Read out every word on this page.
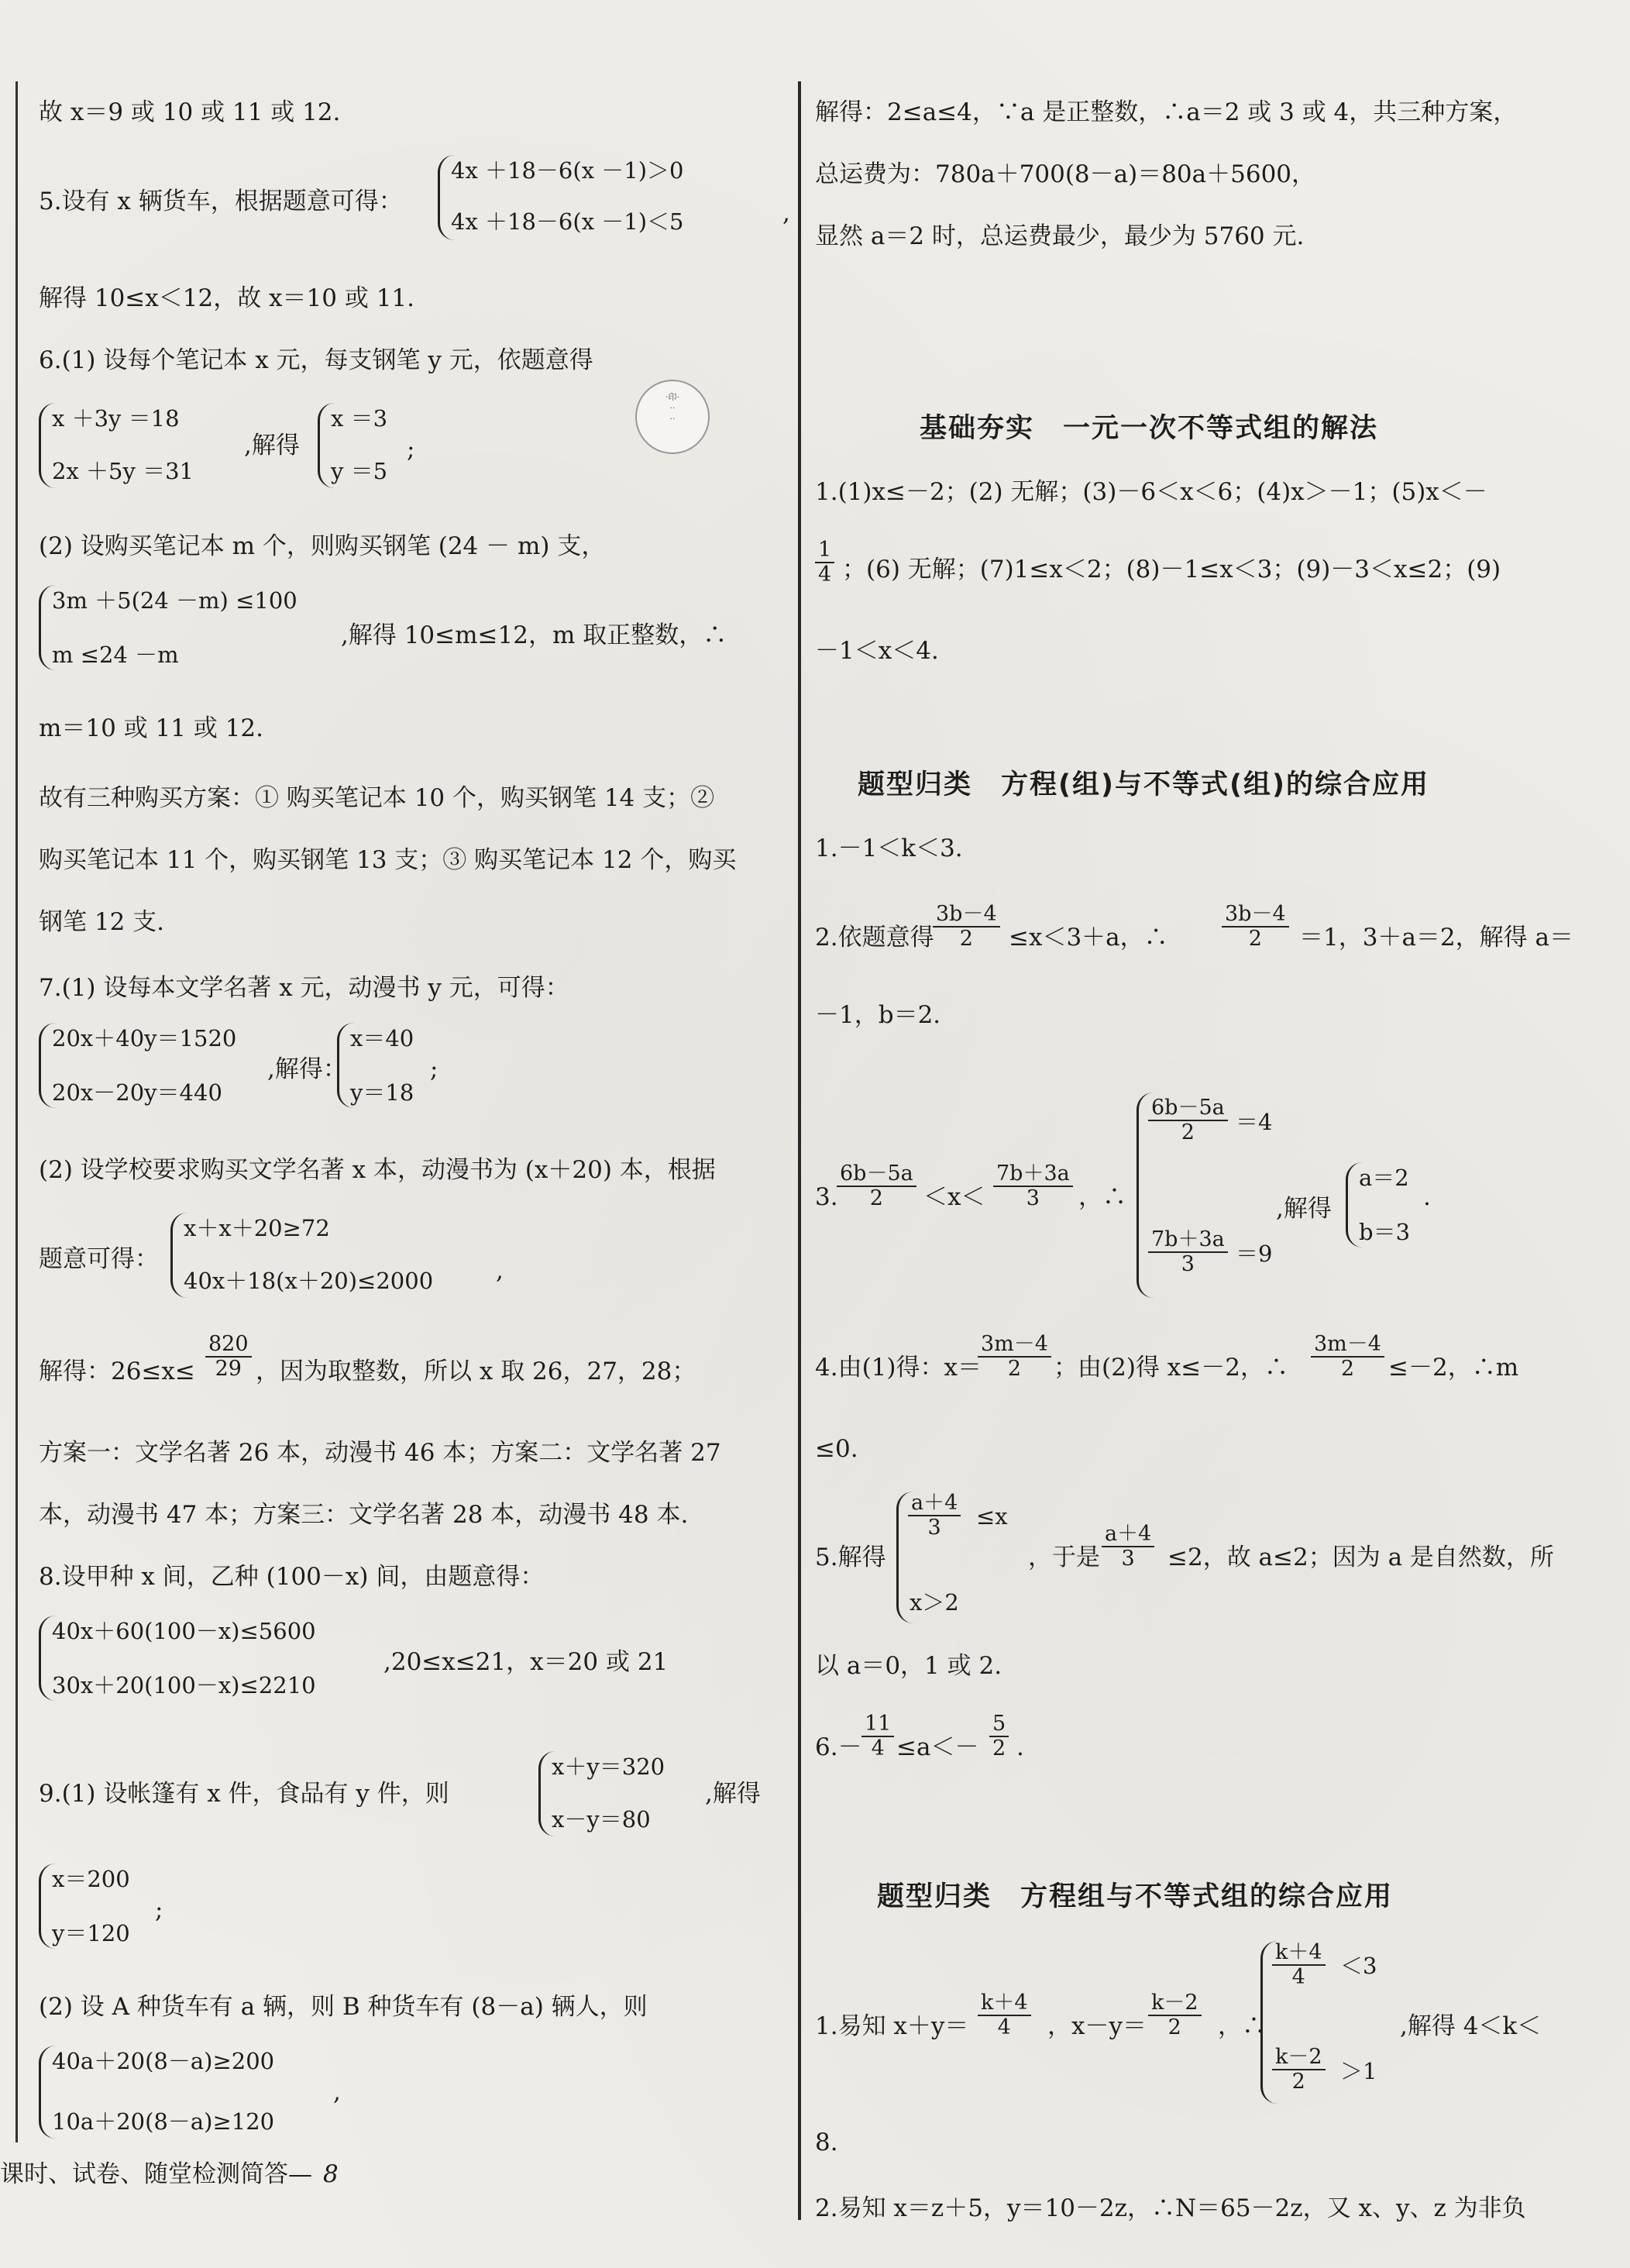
故 x＝9 或 10 或 11 或 12.
5.设有 x 辆货车，根据题意可得：
4x ＋18－6(x －1)＞0
4x ＋18－6(x －1)＜5	,
解得 10≤x＜12，故 x＝10 或 11.
6.(1) 设每个笔记本 x 元，每支钢笔 y 元，依题意得
x ＋3y ＝18
2x ＋5y ＝31
,解得
x ＝3
y ＝5
;
(2) 设购买笔记本 m 个，则购买钢笔 (24 － m) 支，
3m ＋5(24 －m) ≤100
m ≤24 －m
,解得 10≤m≤12，m 取正整数，∴
m＝10 或 11 或 12.
故有三种购买方案：① 购买笔记本 10 个，购买钢笔 14 支；②
购买笔记本 11 个，购买钢笔 13 支；③ 购买笔记本 12 个，购买
钢笔 12 支.
7.(1) 设每本文学名著 x 元，动漫书 y 元，可得：
20x＋40y＝1520
20x－20y＝440
,解得：
x＝40
y＝18
;
(2) 设学校要求购买文学名著 x 本，动漫书为 (x＋20) 本，根据
题意可得：
x＋x＋20≥72
40x＋18(x＋20)≤2000	,
解得：$26\le x\le \frac{820}{29}$ ，因为取整数，所以 x 取 26，27，28；
方案一：文学名著 26 本，动漫书 46 本；方案二：文学名著 27
本，动漫书 47 本；方案三：文学名著 28 本，动漫书 48 本.
8.设甲种 x 间，乙种 (100－x) 间，由题意得：
40x＋60(100－x)≤5600
30x＋20(100－x)≤2210
,20≤x≤21，x＝20 或 21
9.(1) 设帐篷有 x 件，食品有 y 件，则
x＋y＝320
x－y＝80
,解得
x＝200
y＝120
;
(2) 设 A 种货车有 a 辆，则 B 种货车有 (8－a) 辆人，则
40a＋20(8－a)≥200
10a＋20(8－a)≥120
,

·印·
··
··
解得：2≤a≤4，∵a 是正整数，∴a＝2 或 3 或 4，共三种方案，
总运费为：780a＋700(8－a)＝80a＋5600，
显然 a＝2 时，总运费最少，最少为 5760 元.
基础夯实　一元一次不等式组的解法
1.(1)x≤－2；(2) 无解；(3)－6＜x＜6；(4)x＞－1；(5)x＜－
$\frac{1}{4}$ ；(6) 无解；(7)1≤x＜2；(8)－1≤x＜3；(9)－3＜x≤2；(9)
－1＜x＜4.
题型归类　方程(组)与不等式(组)的综合应用
1.－1＜k＜3.
2.依题意得
$\frac{3b-4}{2} \le x<3+a$，∴	$\frac{3b-4}{2} =1$，3＋a＝2，解得 a＝
－1，b＝2.
3.
$\frac{6b-5a}{2} <x< \frac{7b+3a}{3}$ ，∴
$\frac{6b-5a}{2} =4$
$\frac{7b+3a}{3} =9$
,解得
a＝2
b＝3
.
4.由(1)得：x＝
$\frac{3m-4}{2}$ ；由(2)得 x≤－2，∴ $\frac{3m-4}{2} \le-2$，∴m
≤0.
5.解得
$\frac{a+4}{3} \le x$
x＞2
，于是 $\frac{a+4}{3} \le 2$，故 a≤2；因为 a 是自然数，所
以 a＝0，1 或 2.
$6.- \frac{11}{4} \le a<- \frac{5}{2}$ .
题型归类　方程组与不等式组的综合应用
1.易知 $x+y= \frac{k+4}{4}$ ，$x-y= \frac{k-2}{2}$ ，∴
$\frac{k+4}{4} <3$
$\frac{k-2}{2} >1$
,解得 4＜k＜
8.
2.易知 x＝z＋5，y＝10－2z，∴N＝65－2z，又 x、y、z 为非负
课时、试卷、随堂检测简答— 8
